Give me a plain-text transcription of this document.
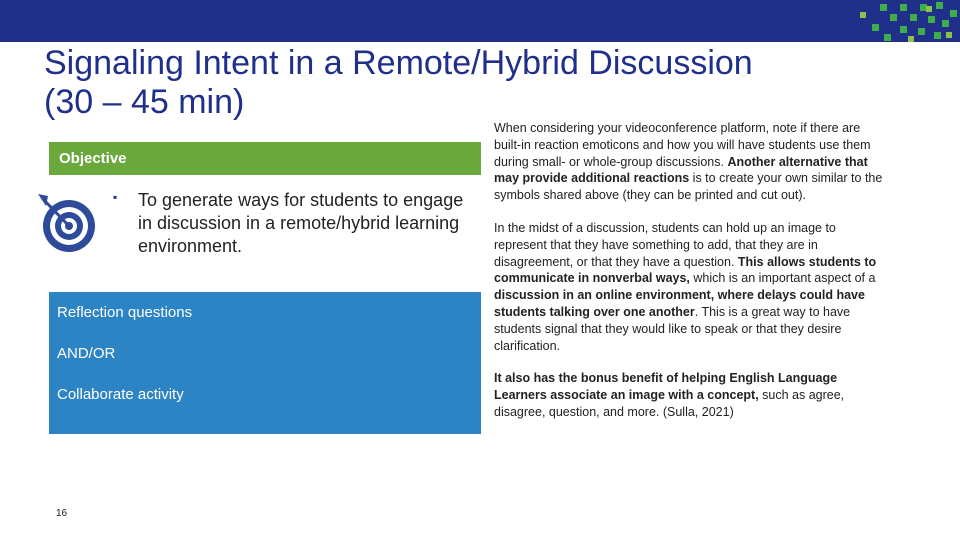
Signaling Intent in a Remote/Hybrid Discussion (30 – 45 min)
Objective
▪ To generate ways for students to engage in discussion in a remote/hybrid learning environment.
Reflection questions
AND/OR
Collaborate activity

When considering your videoconference platform, note if there are built-in reaction emoticons and how you will have students use them during small- or whole-group discussions. Another alternative that may provide additional reactions is to create your own similar to the symbols shared above (they can be printed and cut out).

In the midst of a discussion, students can hold up an image to represent that they have something to add, that they are in disagreement, or that they have a question. This allows students to communicate in nonverbal ways, which is an important aspect of a discussion in an online environment, where delays could have students talking over one another. This is a great way to have students signal that they would like to speak or that they desire clarification.

It also has the bonus benefit of helping English Language Learners associate an image with a concept, such as agree, disagree, question, and more. (Sulla, 2021)

16
